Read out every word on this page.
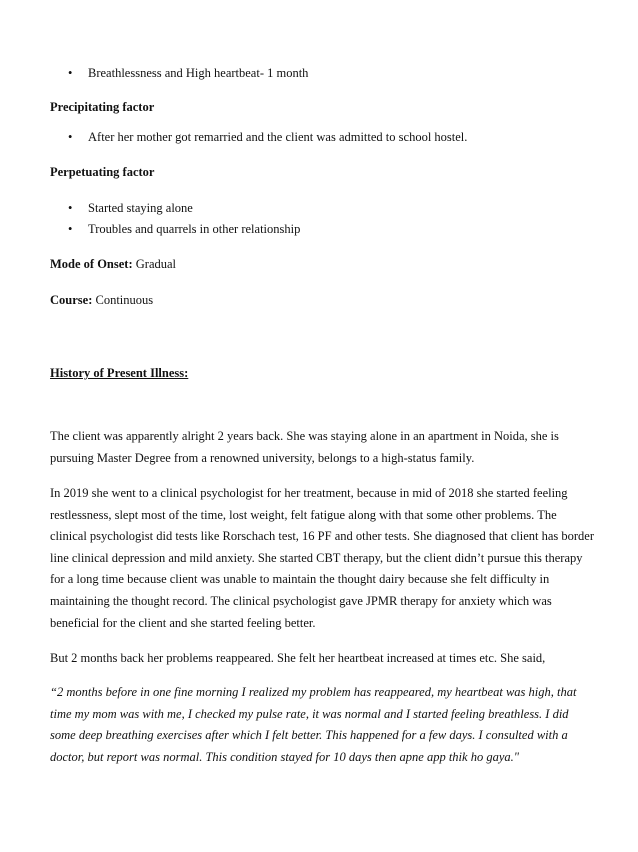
•	Breathlessness and High heartbeat- 1 month
Precipitating factor
•	After her mother got remarried and the client was admitted to school hostel.
Perpetuating factor
•	Started staying alone
•	Troubles and quarrels in other relationship
Mode of Onset: Gradual
Course: Continuous
History of Present Illness:
The client was apparently alright 2 years back. She was staying alone in an apartment in Noida, she is pursuing Master Degree from a renowned university, belongs to a high-status family.
In 2019 she went to a clinical psychologist for her treatment, because in mid of 2018 she started feeling restlessness, slept most of the time, lost weight, felt fatigue along with that some other problems. The clinical psychologist did tests like Rorschach test, 16 PF and other tests. She diagnosed that client has border line clinical depression and mild anxiety. She started CBT therapy, but the client didn’t pursue this therapy for a long time because client was unable to maintain the thought dairy because she felt difficulty in maintaining the thought record. The clinical psychologist gave JPMR therapy for anxiety which was beneficial for the client and she started feeling better.
But 2 months back her problems reappeared. She felt her heartbeat increased at times etc. She said,
“2 months before in one fine morning I realized my problem has reappeared, my heartbeat was high, that time my mom was with me, I checked my pulse rate, it was normal and I started feeling breathless. I did some deep breathing exercises after which I felt better. This happened for a few days. I consulted with a doctor, but report was normal. This condition stayed for 10 days then apne app thik ho gaya."
